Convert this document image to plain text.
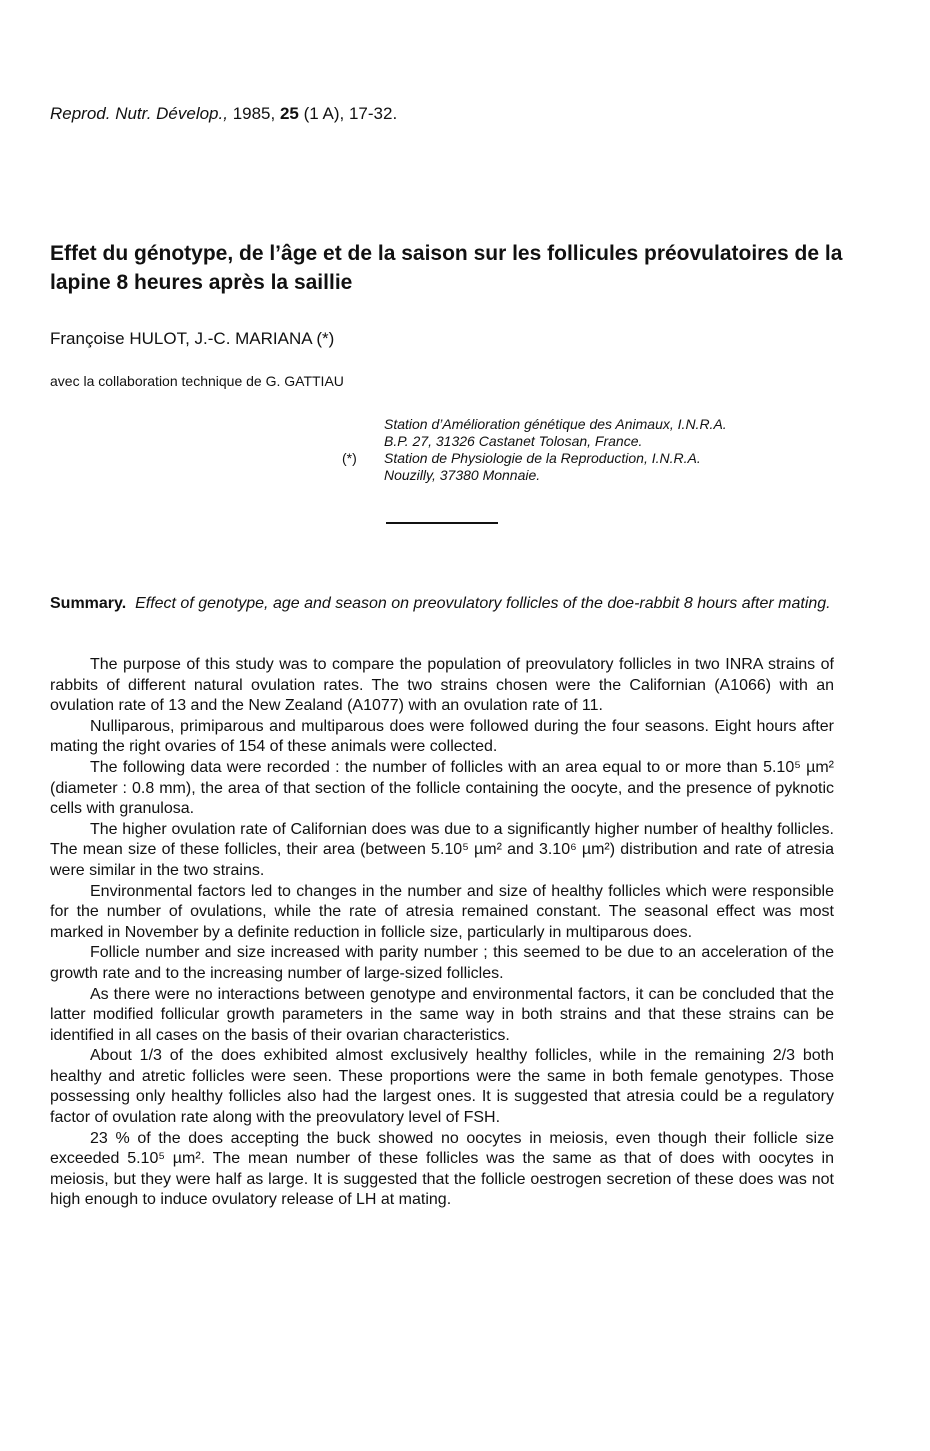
Reprod. Nutr. Dévelop., 1985, 25 (1 A), 17-32.
Effet du génotype, de l’âge et de la saison sur les follicules préovulatoires de la lapine 8 heures après la saillie
Françoise HULOT, J.-C. MARIANA (*)
avec la collaboration technique de G. GATTIAU
Station d’Amélioration génétique des Animaux, I.N.R.A.
B.P. 27, 31326 Castanet Tolosan, France.
(*)	Station de Physiologie de la Reproduction, I.N.R.A.
Nouzilly, 37380 Monnaie.
Summary. Effect of genotype, age and season on preovulatory follicles of the doe-rabbit 8 hours after mating.

The purpose of this study was to compare the population of preovulatory follicles in two INRA strains of rabbits of different natural ovulation rates. The two strains chosen were the Californian (A1066) with an ovulation rate of 13 and the New Zealand (A1077) with an ovulation rate of 11.

Nulliparous, primiparous and multiparous does were followed during the four seasons. Eight hours after mating the right ovaries of 154 of these animals were collected.

The following data were recorded : the number of follicles with an area equal to or more than 5.10⁵ µm² (diameter : 0.8 mm), the area of that section of the follicle containing the oocyte, and the presence of pyknotic cells with granulosa.

The higher ovulation rate of Californian does was due to a significantly higher number of healthy follicles. The mean size of these follicles, their area (between 5.10⁵ µm² and 3.10⁶ µm²) distribution and rate of atresia were similar in the two strains.

Environmental factors led to changes in the number and size of healthy follicles which were responsible for the number of ovulations, while the rate of atresia remained constant. The seasonal effect was most marked in November by a definite reduction in follicle size, particularly in multiparous does.

Follicle number and size increased with parity number ; this seemed to be due to an acceleration of the growth rate and to the increasing number of large-sized follicles.

As there were no interactions between genotype and environmental factors, it can be concluded that the latter modified follicular growth parameters in the same way in both strains and that these strains can be identified in all cases on the basis of their ovarian characteristics.

About 1/3 of the does exhibited almost exclusively healthy follicles, while in the remaining 2/3 both healthy and atretic follicles were seen. These proportions were the same in both female genotypes. Those possessing only healthy follicles also had the largest ones. It is suggested that atresia could be a regulatory factor of ovulation rate along with the preovulatory level of FSH.

23 % of the does accepting the buck showed no oocytes in meiosis, even though their follicle size exceeded 5.10⁵ µm². The mean number of these follicles was the same as that of does with oocytes in meiosis, but they were half as large. It is suggested that the follicle oestrogen secretion of these does was not high enough to induce ovulatory release of LH at mating.
